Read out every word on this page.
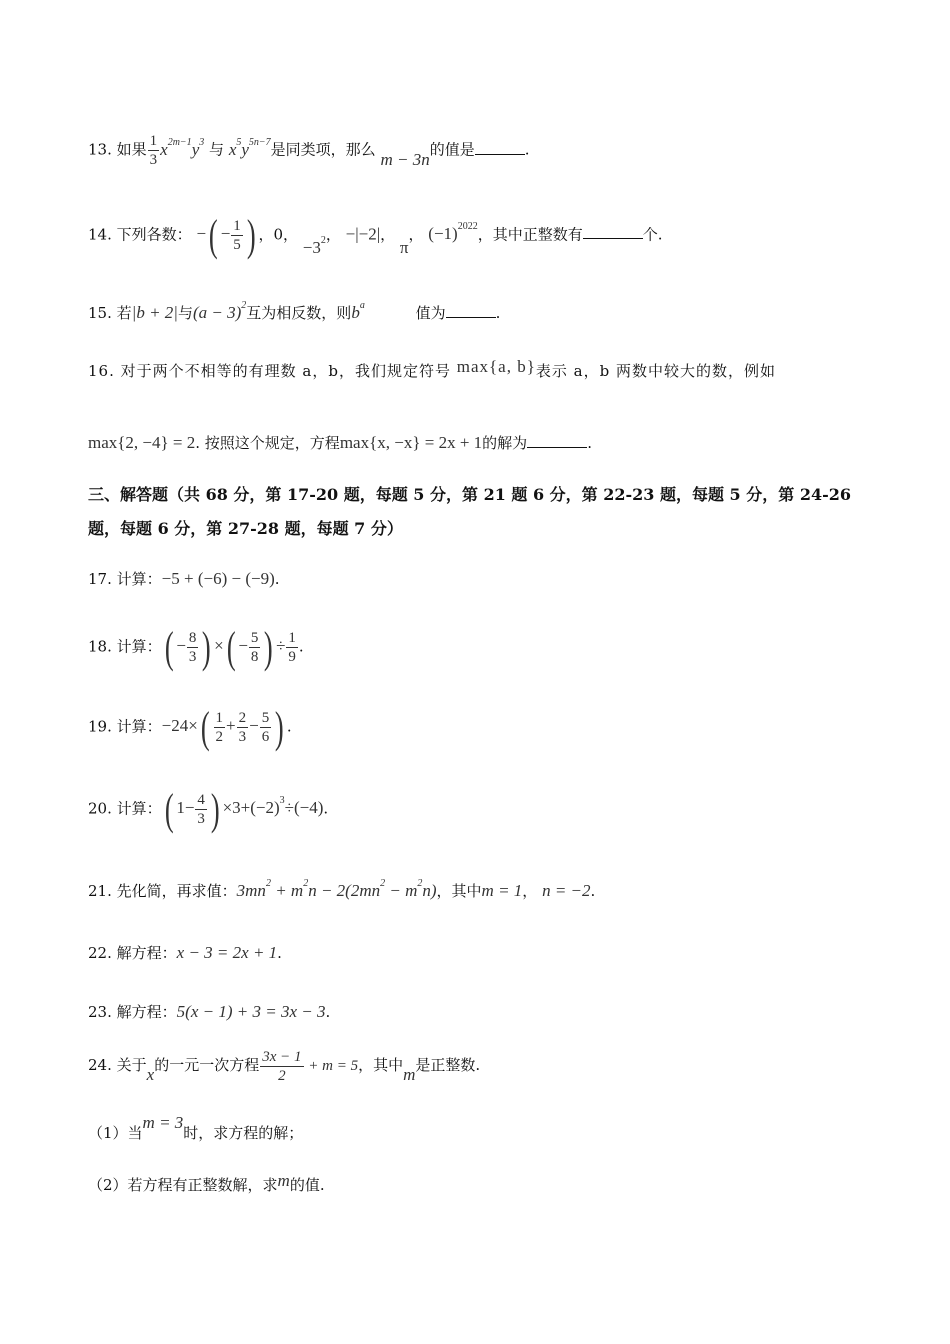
13. 如果 $\frac{1}{3} x^{2m-1}y^3$ 与 $x^5y^{5n-7}$是同类项，那么 m − 3n的值是	.
14. 下列各数： −( − $\frac{1}{5}$ ) ，0， $-3^2$， −|−2|， π， $(-1)^{2022}$，其中正整数有	个.
15. 若|b + 2|与$(a - 3)^2$互为相反数，则$b^a$	值为	.
16. 对于两个不相等的有理数 a，b，我们规定符号 max{a, b}表示 a，b 两数中较大的数，例如
max{2, −4} = 2. 按照这个规定，方程max{x, −x} = 2x + 1的解为	.
三、解答题（共 68 分，第 17-20 题，每题 5 分，第 21 题 6 分，第 22-23 题，每题 5 分，第 24-26 题，每题 6 分，第 27-28 题，每题 7 分）
17. 计算：−5 + (−6) − (−9).
18. 计算：( − $\frac{8}{3}$ ) ×( − $\frac{5}{8}$ ) ÷ $\frac{1}{9}$ .
19. 计算：$-24\times( \frac{1}{2} + \frac{2}{3} - \frac{5}{6}$ ) .
20. 计算：( $1- \frac{4}{3}$ ) $\times 3+(-2)^3\div(-4)$.
21. 先化简，再求值：$3mn^2 + m^2n - 2(2mn^2 - m^2n)$，其中m = 1， n = −2.
22. 解方程：x − 3 = 2x + 1.
23. 解方程：5(x − 1) + 3 = 3x − 3.
24. 关于x的一元一次方程 $\frac{3x - 1}{2} + m = 5$，其中m是正整数.
（1）当m = 3时，求方程的解；
（2）若方程有正整数解，求m的值.
